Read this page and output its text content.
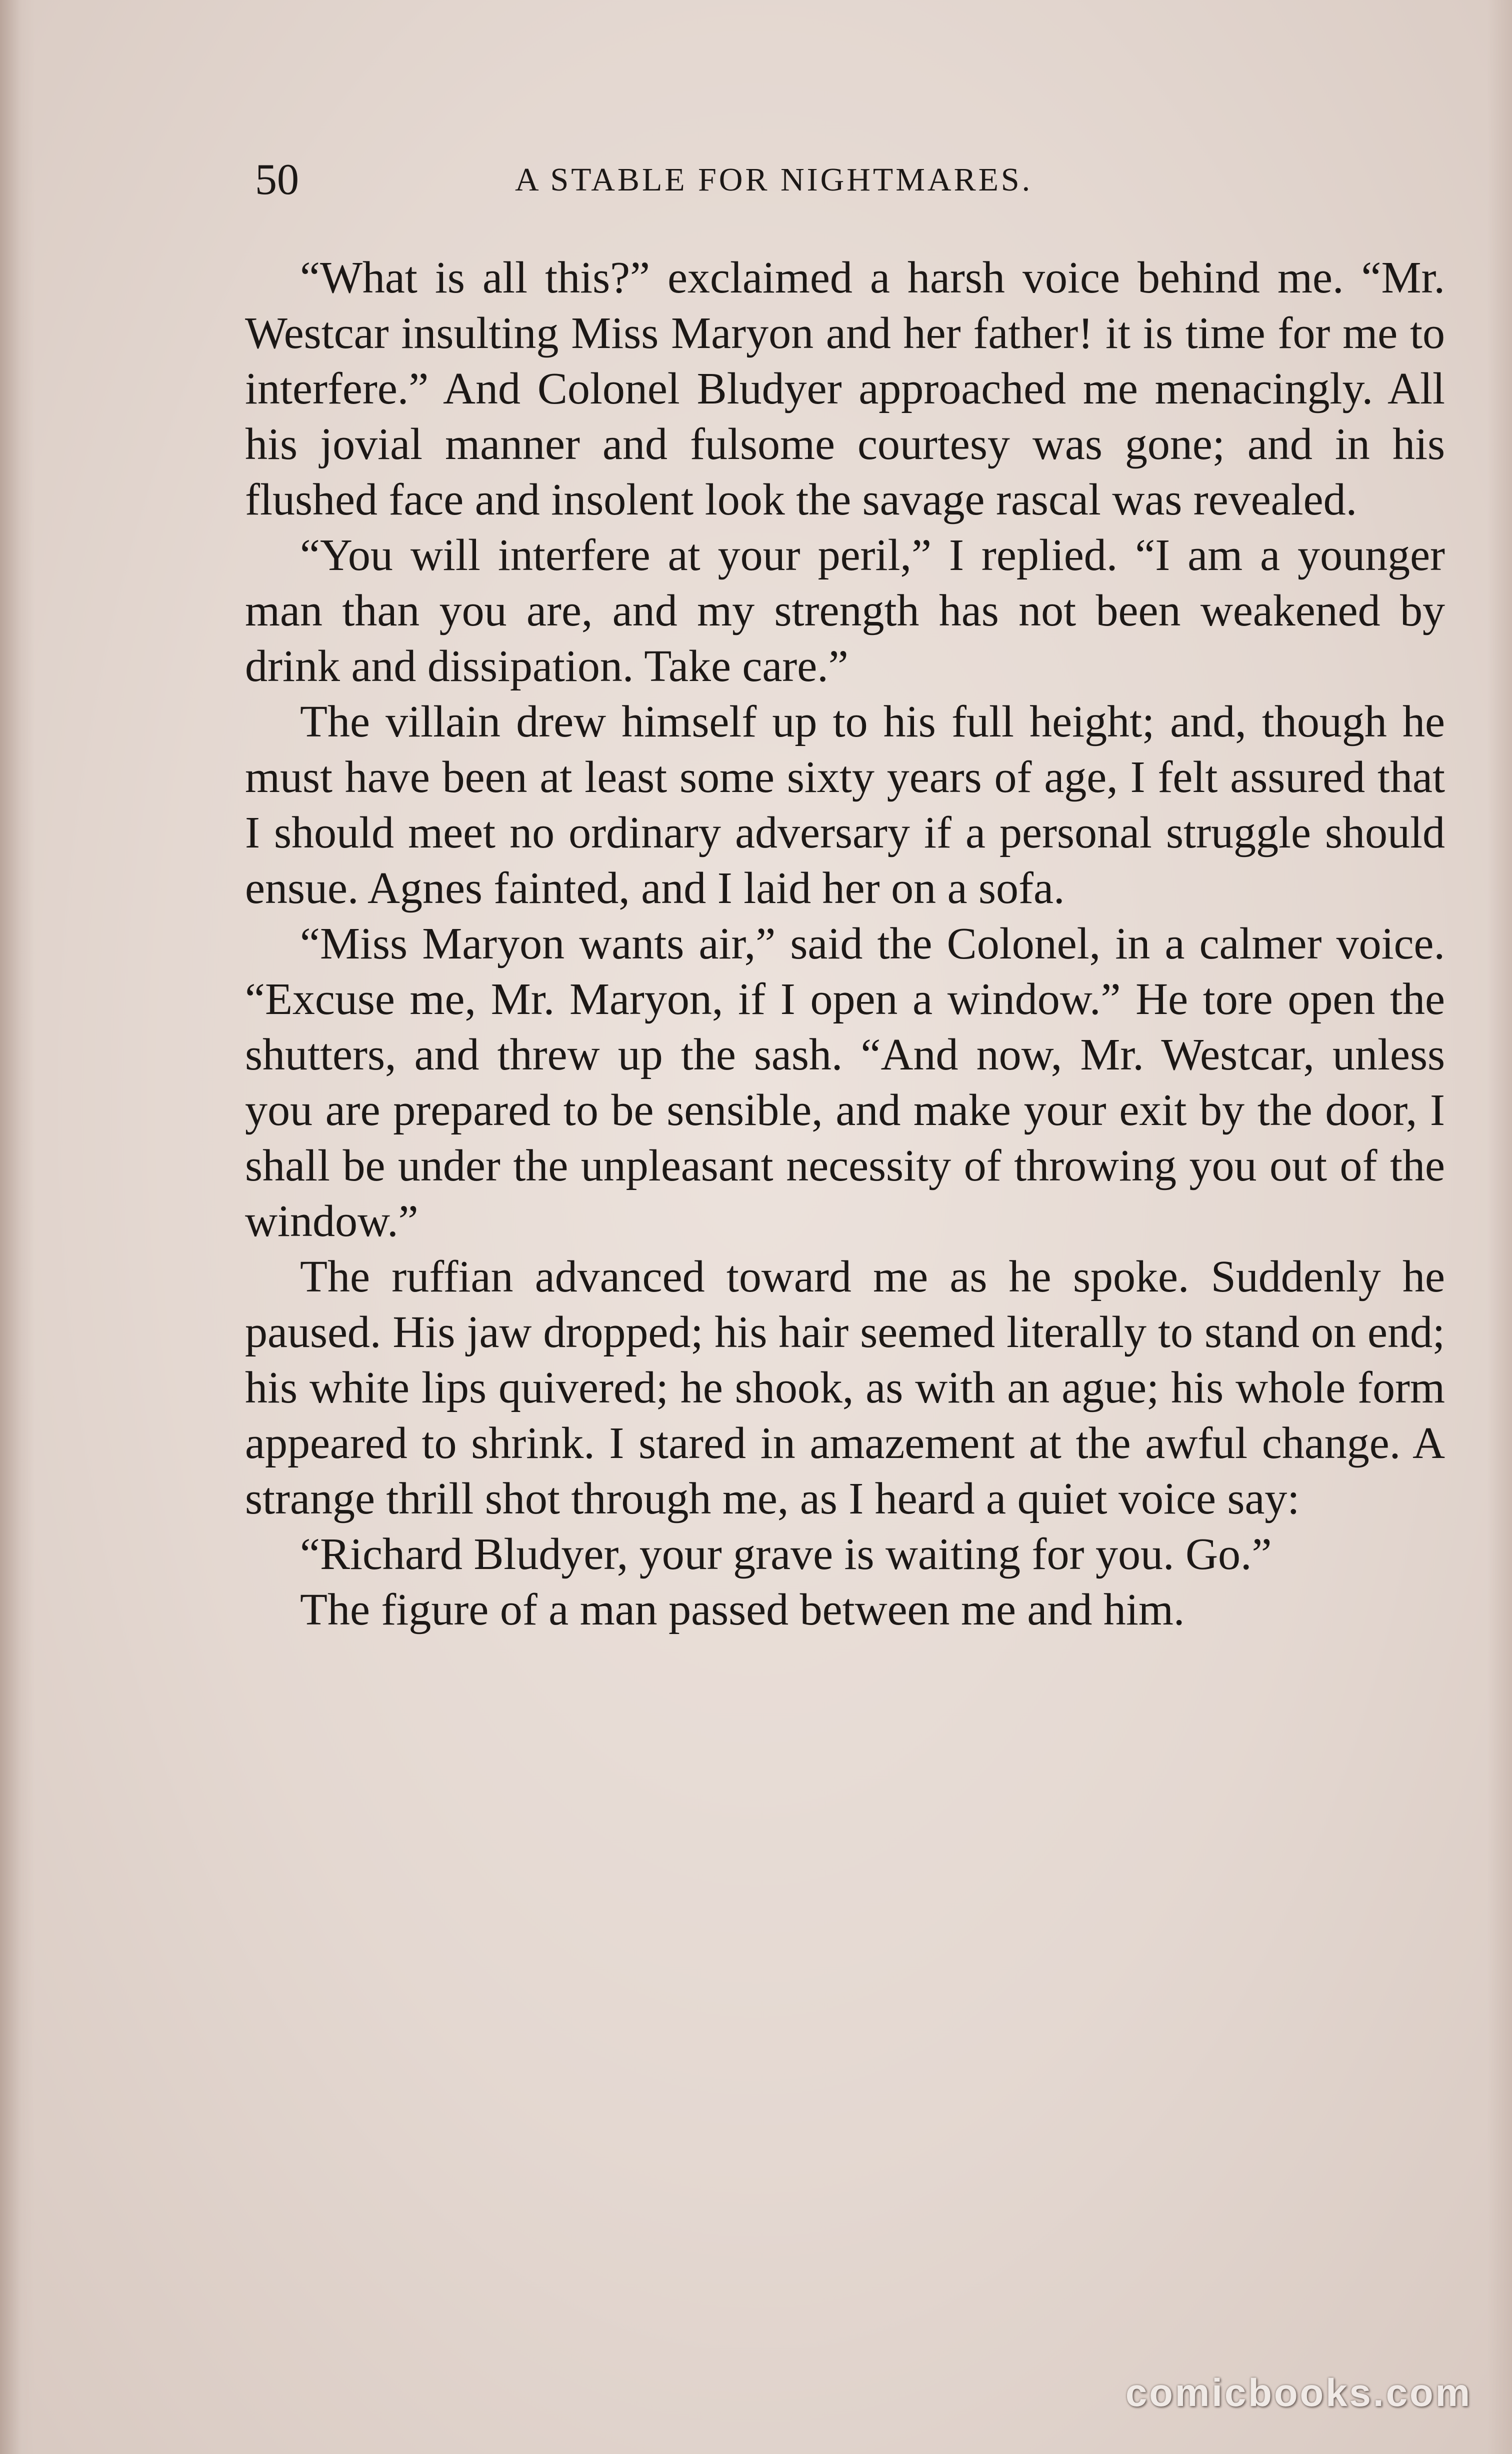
50	A STABLE FOR NIGHTMARES.

“What is all this?” exclaimed a harsh voice behind me. “Mr. Westcar insulting Miss Maryon and her father! it is time for me to interfere.” And Colonel Bludyer approached me menacingly. All his jovial manner and fulsome courtesy was gone; and in his flushed face and insolent look the savage rascal was revealed.

“You will interfere at your peril,” I replied. “I am a younger man than you are, and my strength has not been weakened by drink and dissipation. Take care.”

The villain drew himself up to his full height; and, though he must have been at least some sixty years of age, I felt assured that I should meet no ordinary adversary if a personal struggle should ensue. Agnes fainted, and I laid her on a sofa.

“Miss Maryon wants air,” said the Colonel, in a calmer voice. “Excuse me, Mr. Maryon, if I open a window.” He tore open the shutters, and threw up the sash. “And now, Mr. Westcar, unless you are prepared to be sensible, and make your exit by the door, I shall be under the unpleasant necessity of throwing you out of the window.”

The ruffian advanced toward me as he spoke. Suddenly he paused. His jaw dropped; his hair seemed literally to stand on end; his white lips quivered; he shook, as with an ague; his whole form appeared to shrink. I stared in amazement at the awful change. A strange thrill shot through me, as I heard a quiet voice say:

“Richard Bludyer, your grave is waiting for you. Go.”

The figure of a man passed between me and him.

comicbooks.com
